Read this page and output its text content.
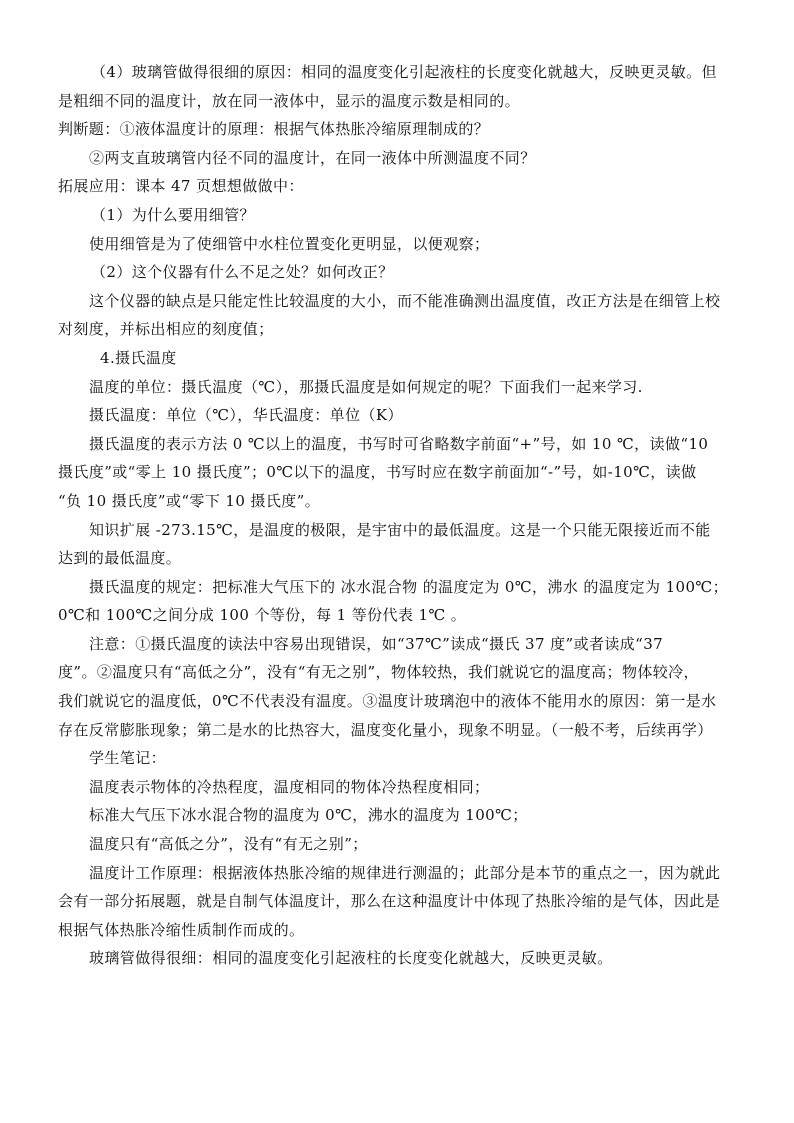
（4）玻璃管做得很细的原因：相同的温度变化引起液柱的长度变化就越大，反映更灵敏。但
是粗细不同的温度计，放在同一液体中，显示的温度示数是相同的。
判断题：①液体温度计的原理：根据气体热胀冷缩原理制成的？
②两支直玻璃管内径不同的温度计，在同一液体中所测温度不同？
拓展应用：课本 47 页想想做做中：
（1）为什么要用细管？
使用细管是为了使细管中水柱位置变化更明显，以便观察；
（2）这个仪器有什么不足之处？如何改正？
这个仪器的缺点是只能定性比较温度的大小，而不能准确测出温度值，改正方法是在细管上校
对刻度，并标出相应的刻度值；
4.摄氏温度
温度的单位：摄氏温度（℃），那摄氏温度是如何规定的呢？下面我们一起来学习.
摄氏温度：单位（℃），华氏温度：单位（K）
摄氏温度的表示方法 0 ℃以上的温度，书写时可省略数字前面“+”号，如 10 ℃，读做“10
摄氏度”或“零上 10 摄氏度”；0℃以下的温度，书写时应在数字前面加“-”号，如-10℃，读做
“负 10 摄氏度”或“零下 10 摄氏度”。
知识扩展 -273.15℃，是温度的极限，是宇宙中的最低温度。这是一个只能无限接近而不能
达到的最低温度。
摄氏温度的规定：把标准大气压下的 冰水混合物 的温度定为 0℃，沸水 的温度定为 100℃；
0℃和 100℃之间分成 100 个等份，每 1 等份代表 1℃ 。
注意：①摄氏温度的读法中容易出现错误，如“37℃”读成“摄氏 37 度”或者读成“37
度”。②温度只有“高低之分”，没有“有无之别”，物体较热，我们就说它的温度高；物体较冷，
我们就说它的温度低，0℃不代表没有温度。③温度计玻璃泡中的液体不能用水的原因：第一是水
存在反常膨胀现象；第二是水的比热容大，温度变化量小，现象不明显。（一般不考，后续再学）
学生笔记：
温度表示物体的冷热程度，温度相同的物体冷热程度相同；
标准大气压下冰水混合物的温度为 0℃，沸水的温度为 100℃；
温度只有“高低之分”，没有“有无之别”；
温度计工作原理：根据液体热胀冷缩的规律进行测温的；此部分是本节的重点之一，因为就此
会有一部分拓展题，就是自制气体温度计，那么在这种温度计中体现了热胀冷缩的是气体，因此是
根据气体热胀冷缩性质制作而成的。
玻璃管做得很细：相同的温度变化引起液柱的长度变化就越大，反映更灵敏。
